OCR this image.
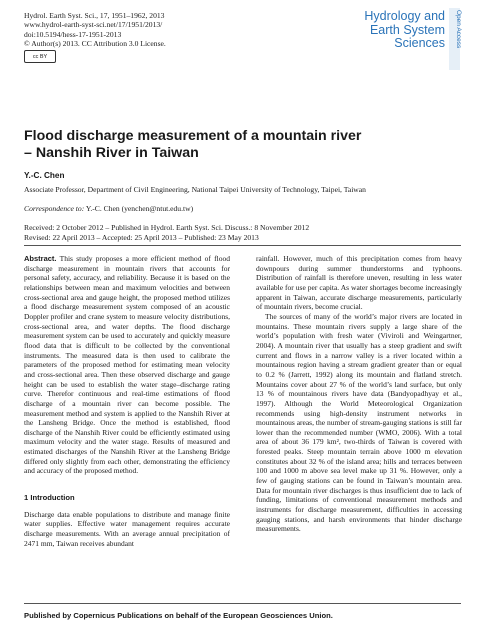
Hydrol. Earth Syst. Sci., 17, 1951–1962, 2013
www.hydrol-earth-syst-sci.net/17/1951/2013/
doi:10.5194/hess-17-1951-2013
© Author(s) 2013. CC Attribution 3.0 License.
cc BY
Hydrology and
Earth System
Sciences Open Access
Flood discharge measurement of a mountain river
– Nanshih River in Taiwan
Y.-C. Chen
Associate Professor, Department of Civil Engineering, National Taipei University of Technology, Taipei, Taiwan
Correspondence to: Y.-C. Chen (yenchen@ntut.edu.tw)
Received: 2 October 2012 – Published in Hydrol. Earth Syst. Sci. Discuss.: 8 November 2012
Revised: 22 April 2013 – Accepted: 25 April 2013 – Published: 23 May 2013

Abstract. This study proposes a more efficient method of flood discharge measurement in mountain rivers that accounts for personal safety, accuracy, and reliability. Because it is based on the relationships between mean and maximum velocities and between cross-sectional area and gauge height, the proposed method utilizes a flood discharge measurement system composed of an acoustic Doppler profiler and crane system to measure velocity distributions, cross-sectional area, and water depths. The flood discharge measurement system can be used to accurately and quickly measure flood data that is difficult to be collected by the conventional instruments. The measured data is then used to calibrate the parameters of the proposed method for estimating mean velocity and cross-sectional area. Then these observed discharge and gauge height can be used to establish the water stage–discharge rating curve. Therefor continuous and real-time estimations of flood discharge of a mountain river can become possible. The measurement method and system is applied to the Nanshih River at the Lansheng Bridge. Once the method is established, flood discharge of the Nanshih River could be efficiently estimated using maximum velocity and the water stage. Results of measured and estimated discharges of the Nanshih River at the Lansheng Bridge differed only slightly from each other, demonstrating the efficiency and accuracy of the proposed method.

1 Introduction

Discharge data enable populations to distribute and manage finite water supplies. Effective water management requires accurate discharge measurements. With an average annual precipitation of 2471 mm, Taiwan receives abundant

rainfall. However, much of this precipitation comes from heavy downpours during summer thunderstorms and typhoons. Distribution of rainfall is therefore uneven, resulting in less water available for use per capita. As water shortages become increasingly apparent in Taiwan, accurate discharge measurements, particularly of mountain rivers, become crucial.

The sources of many of the world’s major rivers are located in mountains. These mountain rivers supply a large share of the world’s population with fresh water (Viviroli and Weingartner, 2004). A mountain river that usually has a steep gradient and swift current and flows in a narrow valley is a river located within a mountainous region having a stream gradient greater than or equal to 0.2 % (Jarrett, 1992) along its mountain and flatland stretch. Mountains cover about 27 % of the world’s land surface, but only 13 % of mountainous rivers have data (Bandyopadhyay et al., 1997). Although the World Meteorological Organization recommends using high-density instrument networks in mountainous areas, the number of stream-gauging stations is still far lower than the recommended number (WMO, 2006). With a total area of about 36 179 km², two-thirds of Taiwan is covered with forested peaks. Steep mountain terrain above 1000 m elevation constitutes about 32 % of the island area; hills and terraces between 100 and 1000 m above sea level make up 31 %. However, only a few of gauging stations can be found in Taiwan’s mountain area. Data for mountain river discharges is thus insufficient due to lack of funding, limitations of conventional measurement methods and instruments for discharge measurement, difficulties in accessing gauging stations, and harsh environments that hinder discharge measurements.

Published by Copernicus Publications on behalf of the European Geosciences Union.
